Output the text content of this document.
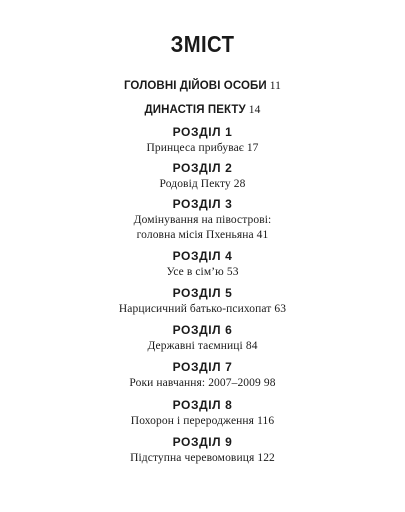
ЗМІСТ
ГОЛОВНІ ДІЙОВІ ОСОБИ 11
ДИНАСТІЯ ПЕКТУ 14
РОЗДІЛ 1
Принцеса прибуває 17
РОЗДІЛ 2
Родовід Пекту 28
РОЗДІЛ 3
Домінування на півострові:
головна місія Пхеньяна 41
РОЗДІЛ 4
Усе в сім’ю 53
РОЗДІЛ 5
Нарцисичний батько-психопат 63
РОЗДІЛ 6
Державні таємниці 84
РОЗДІЛ 7
Роки навчання: 2007–2009 98
РОЗДІЛ 8
Похорон і переродження 116
РОЗДІЛ 9
Підступна черевомовиця 122
